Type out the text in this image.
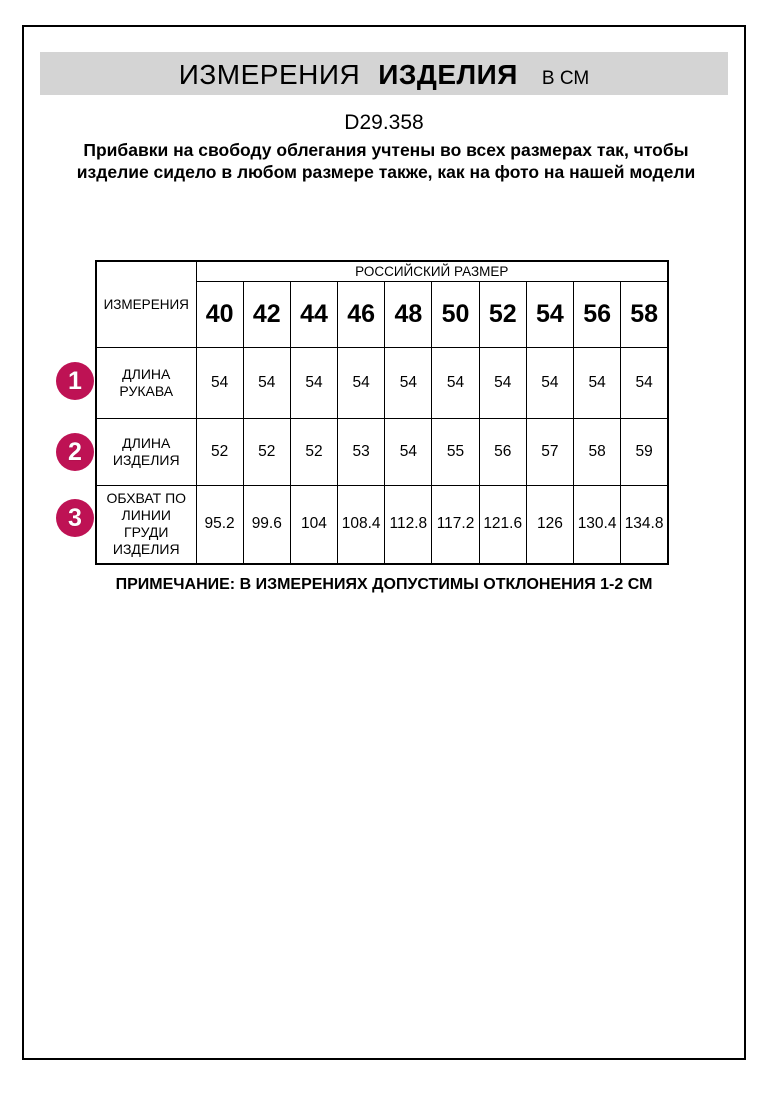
ИЗМЕРЕНИЯ ИЗДЕЛИЯ В СМ
D29.358
Прибавки на свободу облегания учтены во всех размерах так, чтобы изделие сидело в любом размере также, как на фото на нашей модели
ИЗМЕРЕНИЯ	РОССИЙСКИЙ РАЗМЕР									
	40	42	44	46	48	50	52	54	56	58
ДЛИНА РУКАВА	54	54	54	54	54	54	54	54	54	54
ДЛИНА ИЗДЕЛИЯ	52	52	52	53	54	55	56	57	58	59
ОБХВАТ ПО ЛИНИИ ГРУДИ ИЗДЕЛИЯ	95.2	99.6	104	108.4	112.8	117.2	121.6	126	130.4	134.8
1
2
3
ПРИМЕЧАНИЕ: В ИЗМЕРЕНИЯХ ДОПУСТИМЫ ОТКЛОНЕНИЯ 1-2 СМ
